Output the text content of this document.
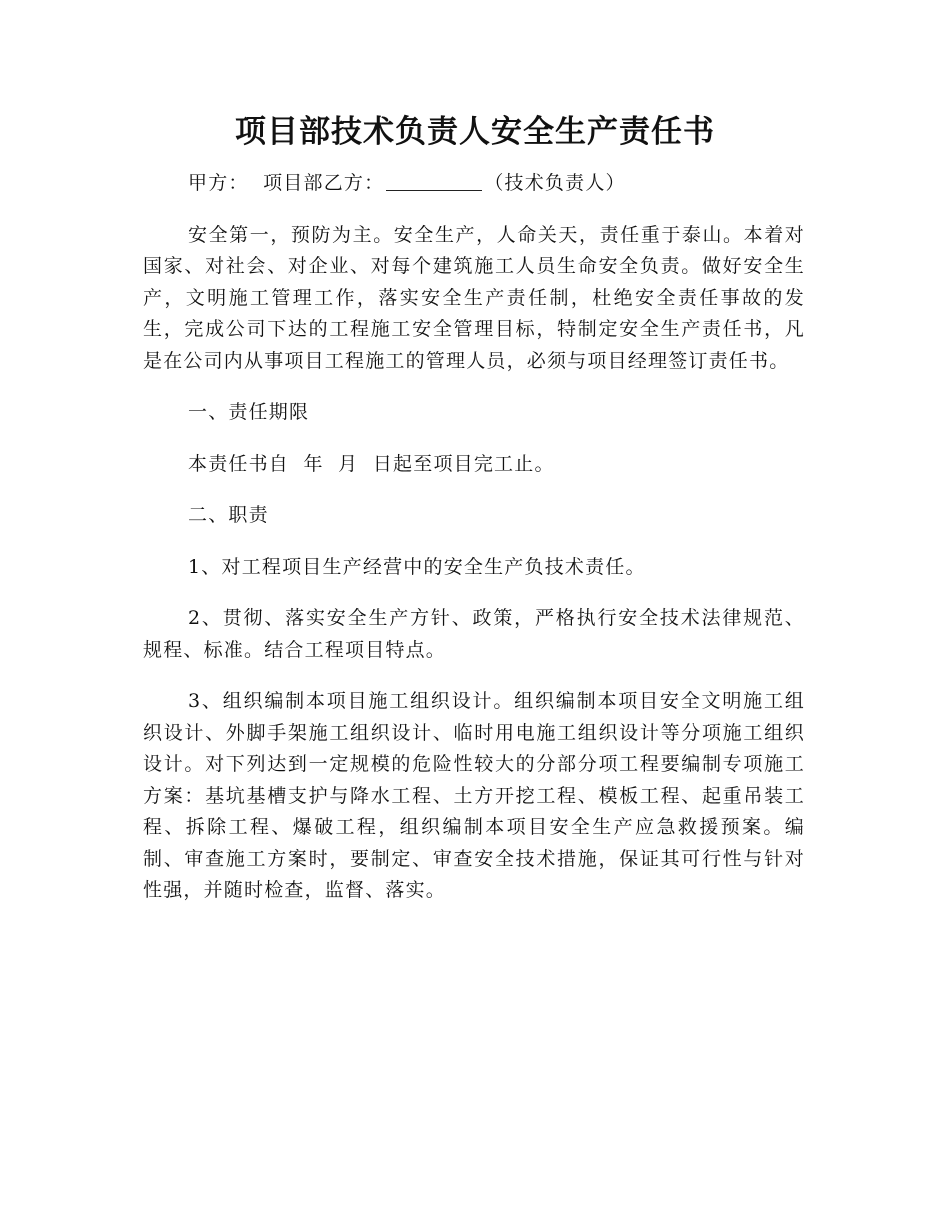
项目部技术负责人安全生产责任书

甲方： 项目部乙方：	（技术负责人）

安全第一，预防为主。安全生产，人命关天，责任重于泰山。本着对国家、对社会、对企业、对每个建筑施工人员生命安全负责。做好安全生产，文明施工管理工作，落实安全生产责任制，杜绝安全责任事故的发生，完成公司下达的工程施工安全管理目标，特制定安全生产责任书，凡是在公司内从事项目工程施工的管理人员，必须与项目经理签订责任书。

一、责任期限

本责任书自  年  月  日起至项目完工止。

二、职责

1、对工程项目生产经营中的安全生产负技术责任。

2、贯彻、落实安全生产方针、政策，严格执行安全技术法律规范、规程、标准。结合工程项目特点。

3、组织编制本项目施工组织设计。组织编制本项目安全文明施工组织设计、外脚手架施工组织设计、临时用电施工组织设计等分项施工组织设计。对下列达到一定规模的危险性较大的分部分项工程要编制专项施工方案：基坑基槽支护与降水工程、土方开挖工程、模板工程、起重吊装工程、拆除工程、爆破工程，组织编制本项目安全生产应急救援预案。编制、审查施工方案时，要制定、审查安全技术措施，保证其可行性与针对性强，并随时检查，监督、落实。
